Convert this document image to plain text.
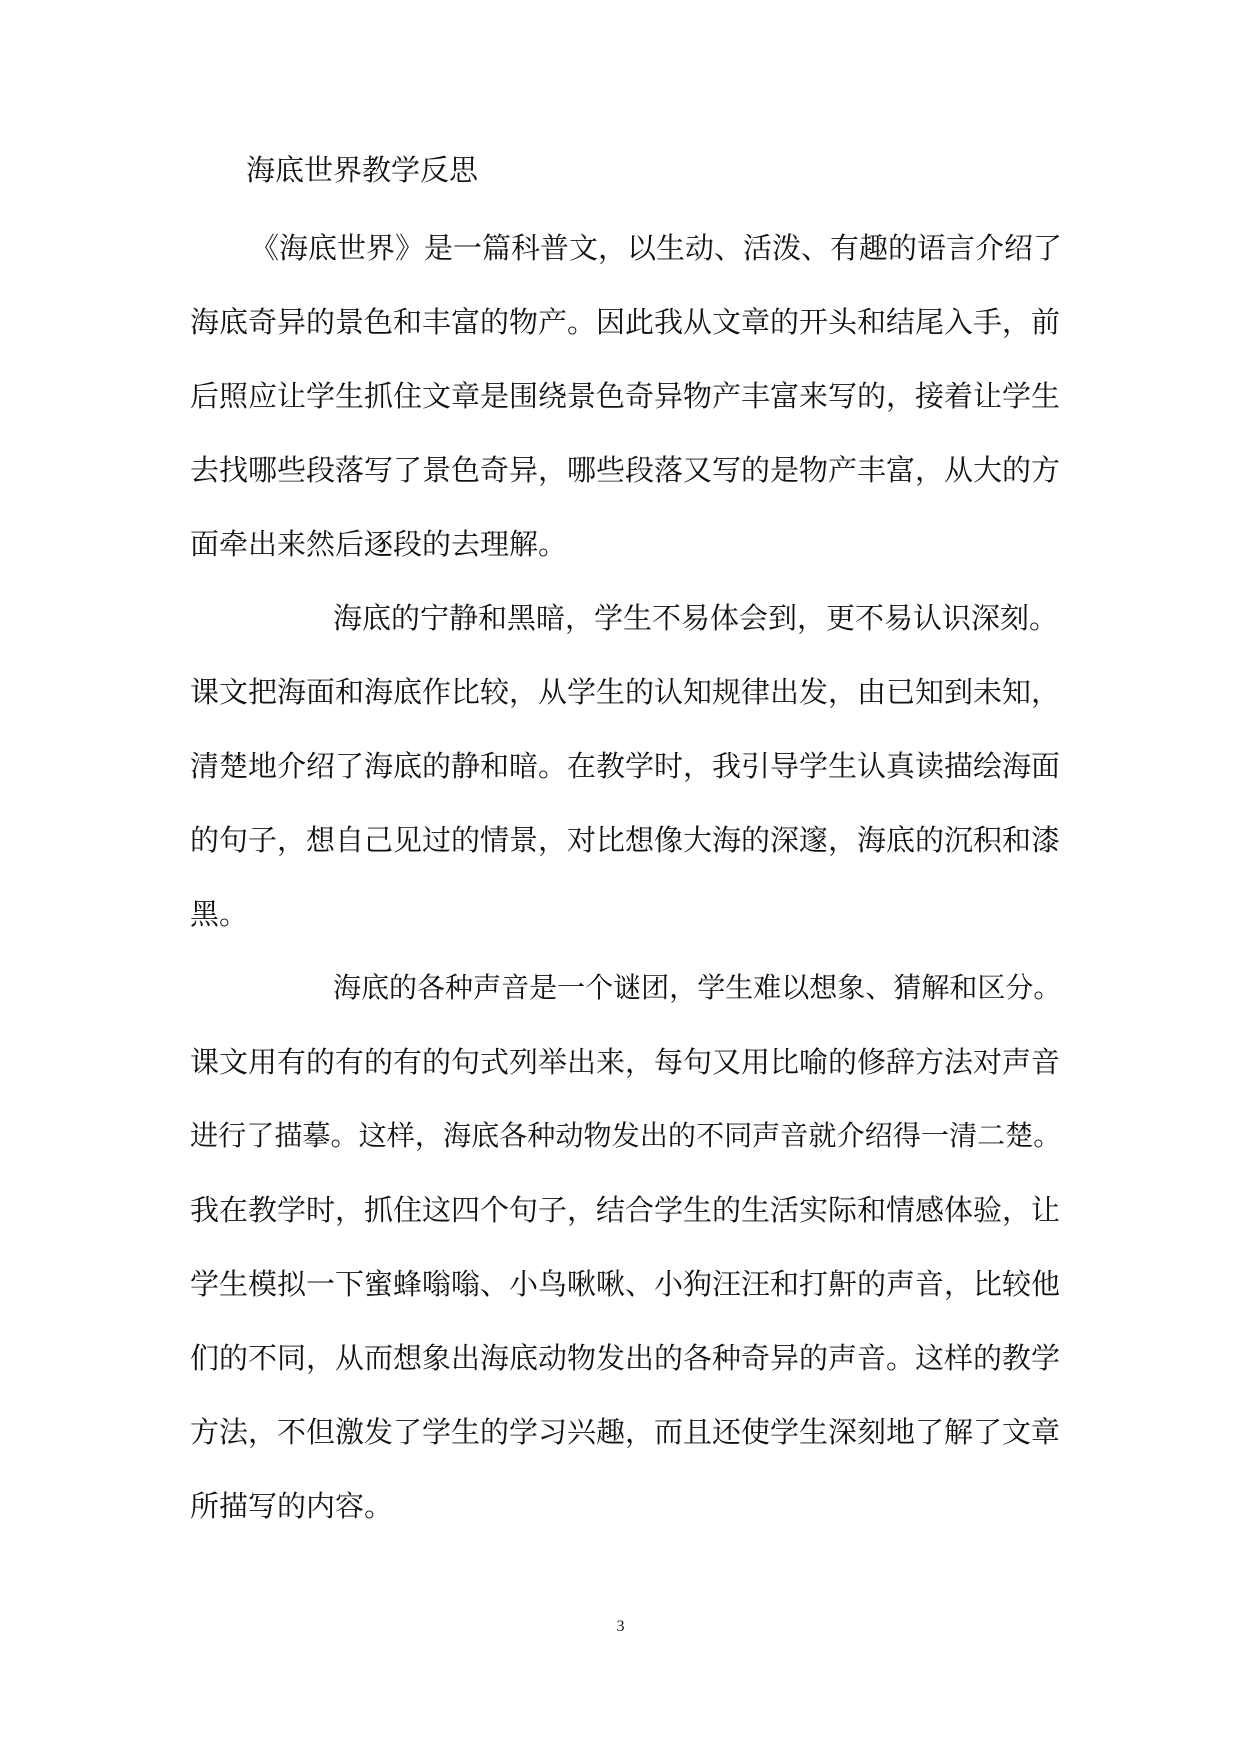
海底世界教学反思
《海底世界》是一篇科普文，以生动、活泼、有趣的语言介绍了
海底奇异的景色和丰富的物产。因此我从文章的开头和结尾入手，前
后照应让学生抓住文章是围绕景色奇异物产丰富来写的，接着让学生
去找哪些段落写了景色奇异，哪些段落又写的是物产丰富，从大的方
面牵出来然后逐段的去理解。
海底的宁静和黑暗，学生不易体会到，更不易认识深刻。
课文把海面和海底作比较，从学生的认知规律出发，由已知到未知，
清楚地介绍了海底的静和暗。在教学时，我引导学生认真读描绘海面
的句子，想自己见过的情景，对比想像大海的深邃，海底的沉积和漆
黑。
海底的各种声音是一个谜团，学生难以想象、猜解和区分。
课文用有的有的有的句式列举出来，每句又用比喻的修辞方法对声音
进行了描摹。这样，海底各种动物发出的不同声音就介绍得一清二楚。
我在教学时，抓住这四个句子，结合学生的生活实际和情感体验，让
学生模拟一下蜜蜂嗡嗡、小鸟啾啾、小狗汪汪和打鼾的声音，比较他
们的不同，从而想象出海底动物发出的各种奇异的声音。这样的教学
方法，不但激发了学生的学习兴趣，而且还使学生深刻地了解了文章
所描写的内容。
3
